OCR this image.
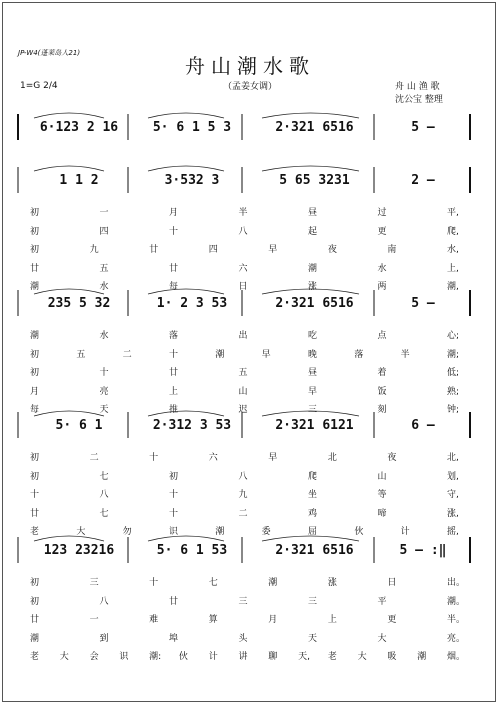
JP-W4(蓬莱岛人21)
舟山潮水歌
（孟姜女调）
1=G 2/4	舟 山 渔 歌
沈公宝 整理
6·123 2 16	5· 6 1 5 3	2·321 6516	5 –
1 1 2	3·532 3	5 65 3231	2 –
初	一	月	半	昼	过	平,
初	四	十	八	起	更	爬,
初	九	廿	四	早	夜	南	水,
廿	五	廿	六	潮	水	上,
潮	水	每	日	涨	两	潮,
235 5 32	1· 2 3 53	2·321 6516	5 –
潮	水	落	出	吃	点	心;
初	五	二	十	潮	早	晚	落	半	潮;
初	十	廿	五	昼	着	低;
月	亮	上	山	早	饭	熟;
每	天	推	迟	三	刻	钟;
5· 6 1	2·312 3 53	2·321 6121	6 –
初	二	十	六	早	北	夜	北,
初	七	初	八	爬	山	划,
十	八	十	九	坐	等	守,
廿	七	十	二	鸡	啼	涨,
老	大	勿	识	潮	委	屈	伙	计	摇,
123 23216	5· 6 1 53	2·321 6516	5 – :‖
初	三	十	七	潮	涨	日	出。
初	八	廿	三	三	平	潮。
廿	一	难	算	月	上	更	半。
潮	到	埠	头	天	大	亮。
老 大 会 识 潮: 伙 计 讲 聊 天, 老 大 吸 潮 烟。
